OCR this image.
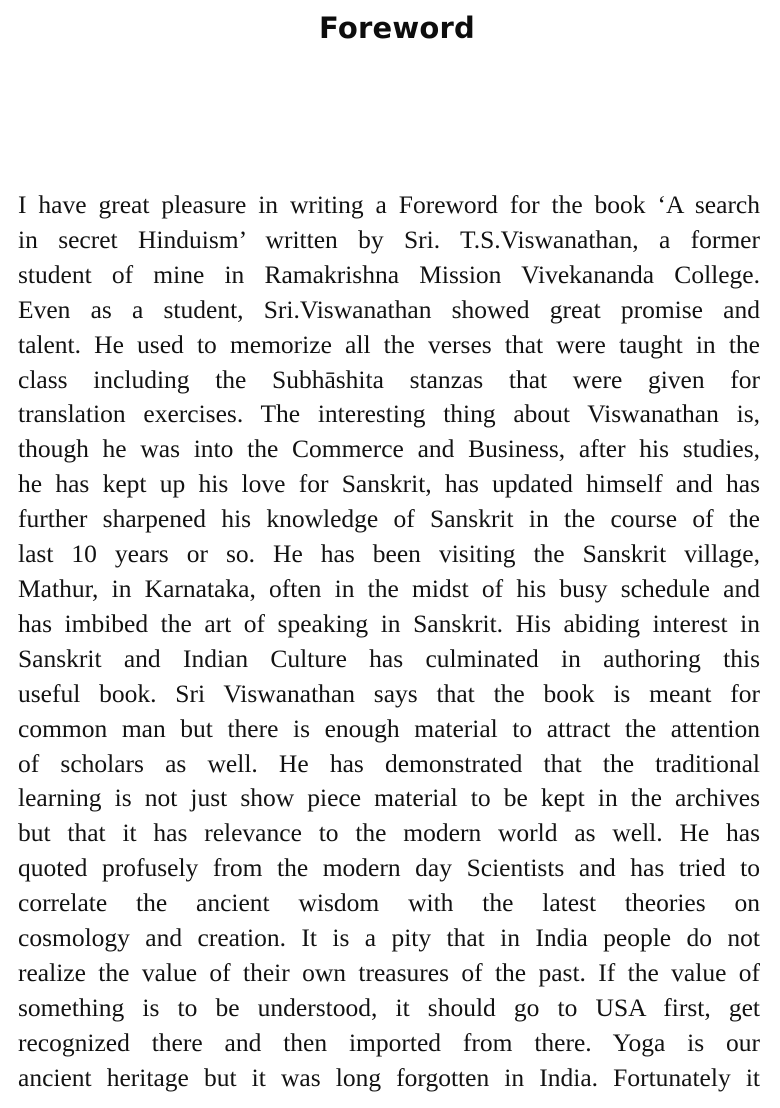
Foreword
I have great pleasure in writing a Foreword for the book ‘A search
in secret Hinduism’ written by Sri. T.S.Viswanathan, a former
student of mine in Ramakrishna Mission Vivekananda College.
Even as a student, Sri.Viswanathan showed great promise and
talent. He used to memorize all the verses that were taught in the
class including the Subhāshita stanzas that were given for
translation exercises. The interesting thing about Viswanathan is,
though he was into the Commerce and Business, after his studies,
he has kept up his love for Sanskrit, has updated himself and has
further sharpened his knowledge of Sanskrit in the course of the
last 10 years or so. He has been visiting the Sanskrit village,
Mathur, in Karnataka, often in the midst of his busy schedule and
has imbibed the art of speaking in Sanskrit. His abiding interest in
Sanskrit and Indian Culture has culminated in authoring this
useful book. Sri Viswanathan says that the book is meant for
common man but there is enough material to attract the attention
of scholars as well. He has demonstrated that the traditional
learning is not just show piece material to be kept in the archives
but that it has relevance to the modern world as well. He has
quoted profusely from the modern day Scientists and has tried to
correlate the ancient wisdom with the latest theories on
cosmology and creation. It is a pity that in India people do not
realize the value of their own treasures of the past. If the value of
something is to be understood, it should go to USA first, get
recognized there and then imported from there. Yoga is our
ancient heritage but it was long forgotten in India. Fortunately it
